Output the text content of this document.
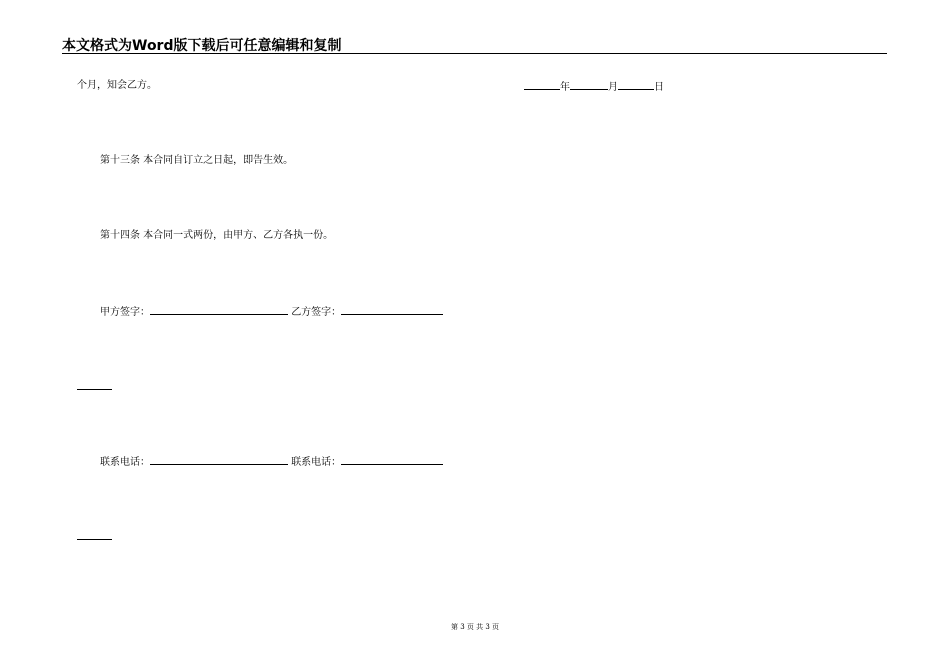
本文格式为Word版下载后可任意编辑和复制
个月，知会乙方。	年	月	日
第十三条 本合同自订立之日起，即告生效。
第十四条 本合同一式两份，由甲方、乙方各执一份。
甲方签字：	乙方签字：
联系电话：	联系电话：
第 3 页 共 3 页
